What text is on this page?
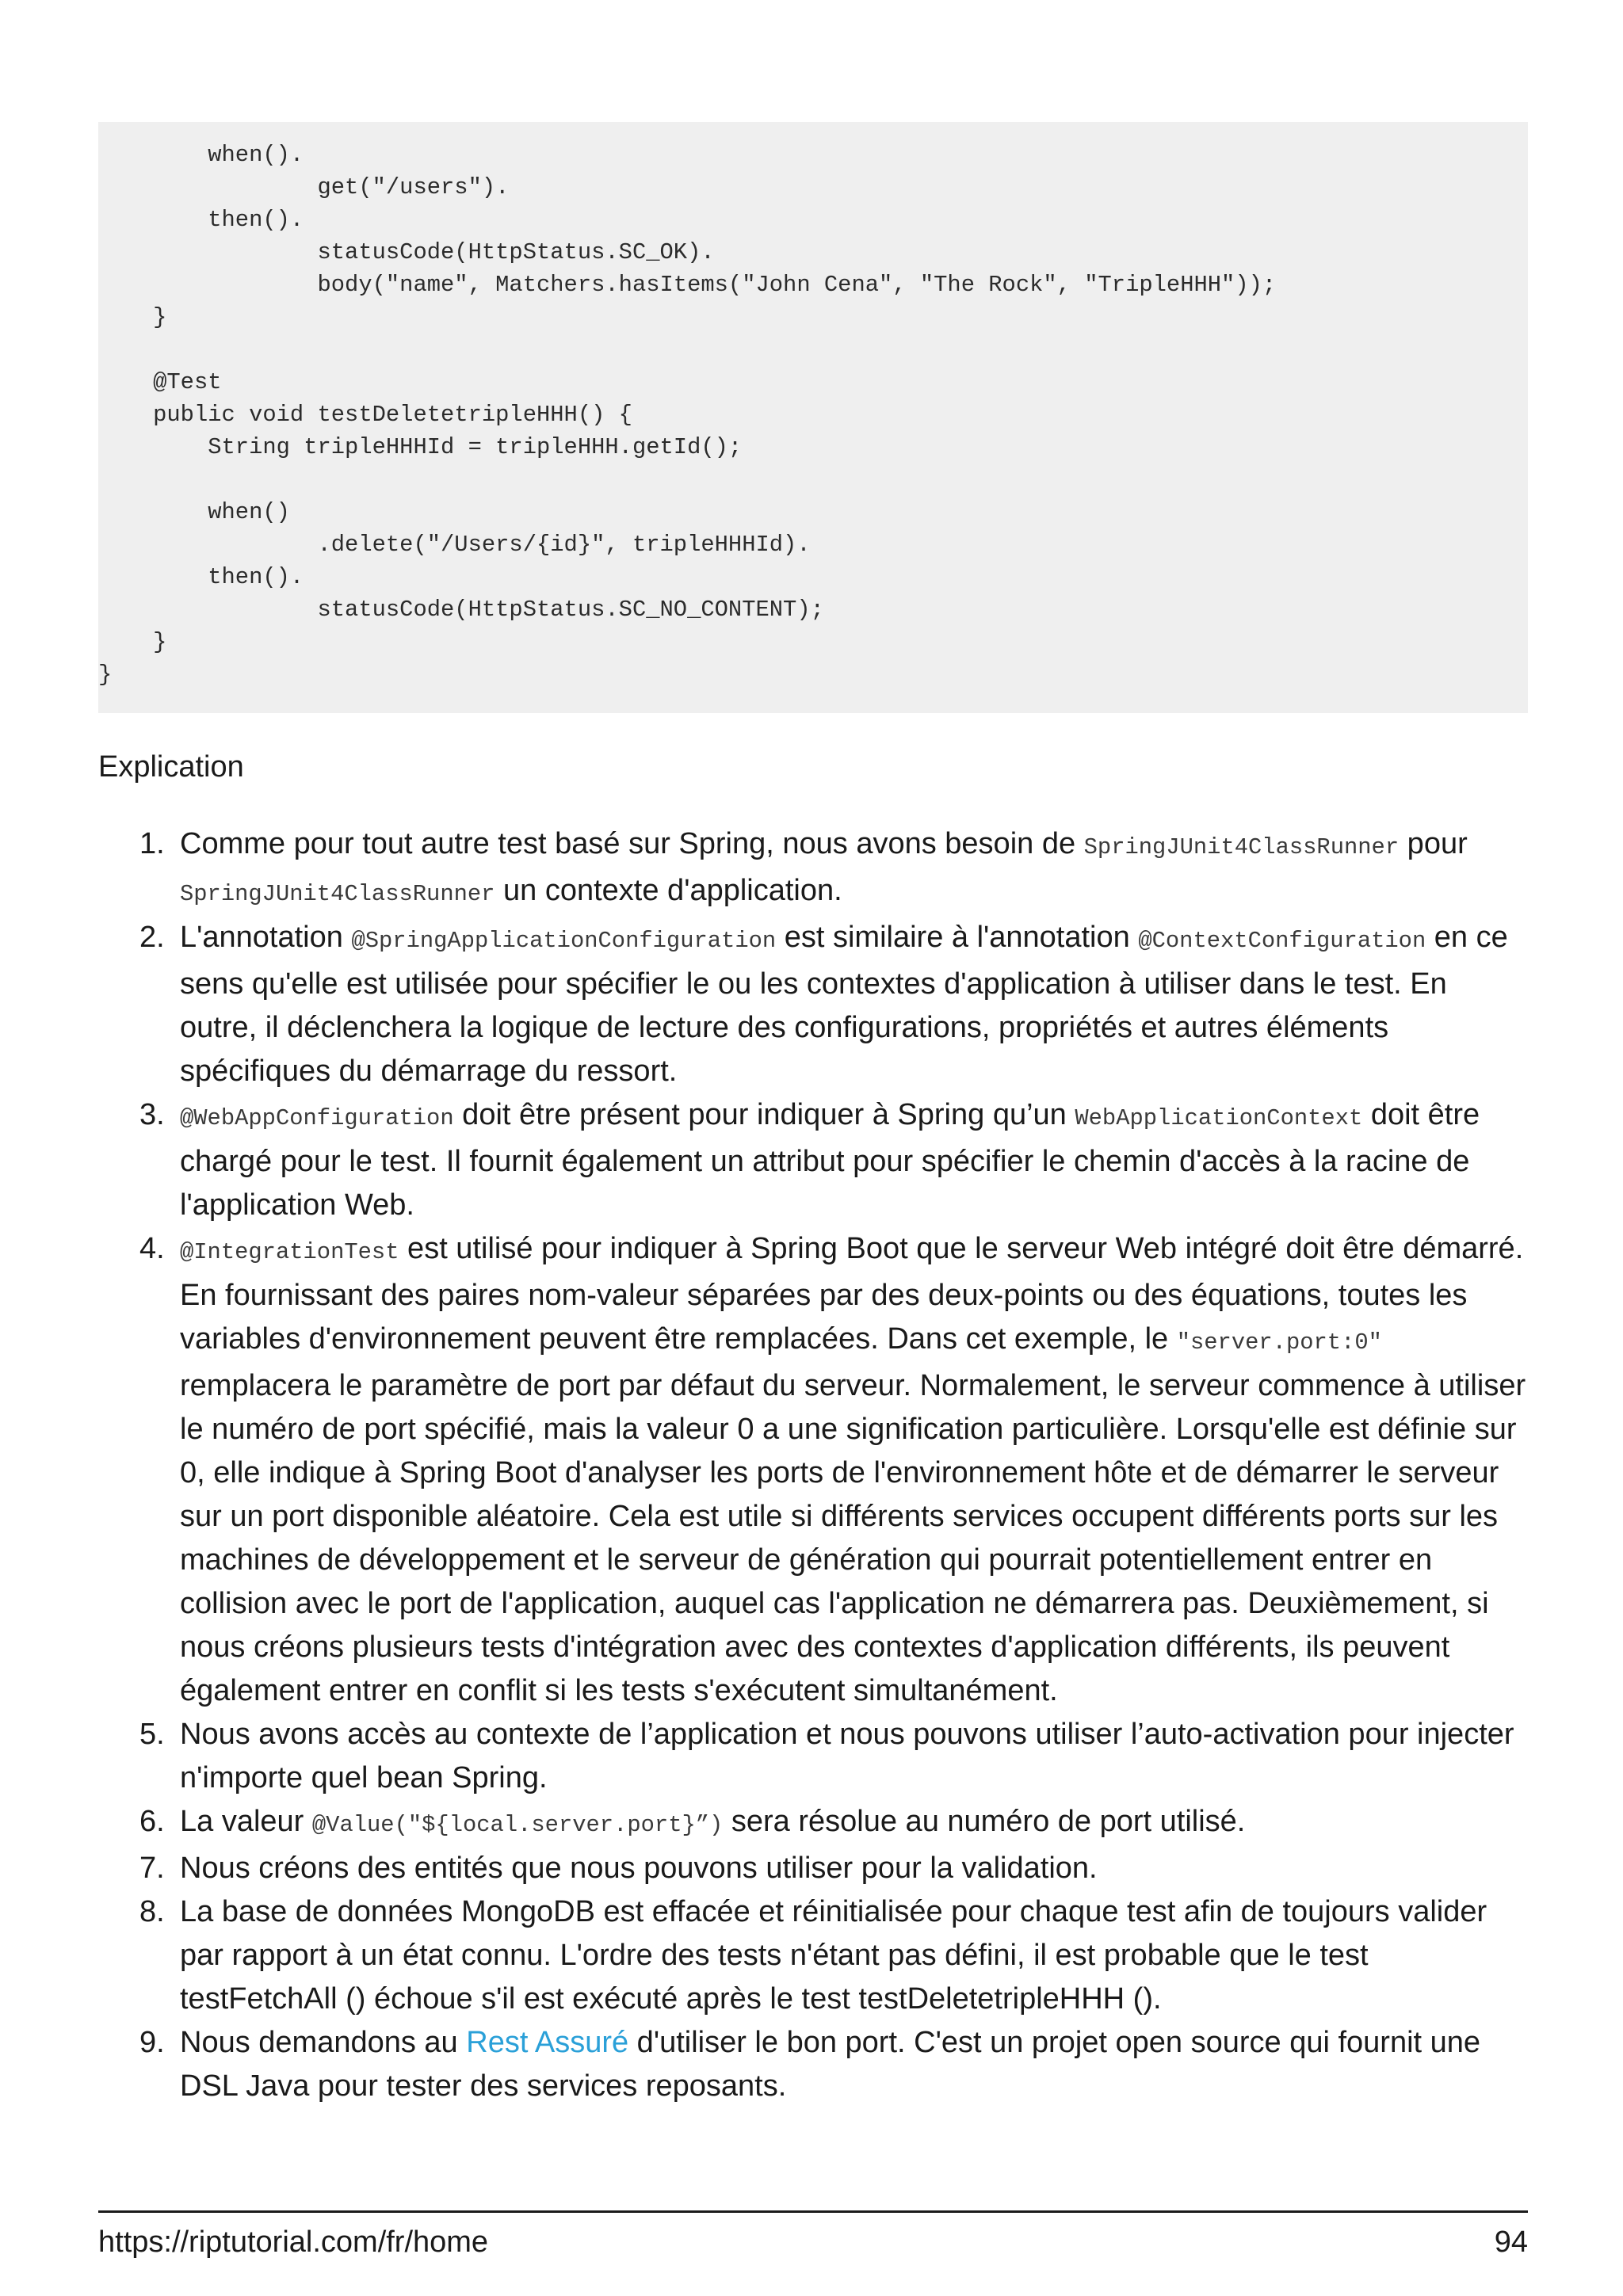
when().
get("/users").
then().
statusCode(HttpStatus.SC_OK).
body("name", Matchers.hasItems("John Cena", "The Rock", "TripleHHH"));
}
@Test
public void testDeletetripleHHH() {
String tripleHHHId = tripleHHH.getId();
when()
.delete("/Users/{id}", tripleHHHId).
then().
statusCode(HttpStatus.SC_NO_CONTENT);
}
}
Explication
1. Comme pour tout autre test basé sur Spring, nous avons besoin de SpringJUnit4ClassRunner pour SpringJUnit4ClassRunner un contexte d'application.
2. L'annotation @SpringApplicationConfiguration est similaire à l'annotation @ContextConfiguration en ce sens qu'elle est utilisée pour spécifier le ou les contextes d'application à utiliser dans le test. En outre, il déclenchera la logique de lecture des configurations, propriétés et autres éléments spécifiques du démarrage du ressort.
3. @WebAppConfiguration doit être présent pour indiquer à Spring qu’un WebApplicationContext doit être chargé pour le test. Il fournit également un attribut pour spécifier le chemin d'accès à la racine de l'application Web.
4. @IntegrationTest est utilisé pour indiquer à Spring Boot que le serveur Web intégré doit être démarré. En fournissant des paires nom-valeur séparées par des deux-points ou des équations, toutes les variables d'environnement peuvent être remplacées. Dans cet exemple, le "server.port:0" remplacera le paramètre de port par défaut du serveur. Normalement, le serveur commence à utiliser le numéro de port spécifié, mais la valeur 0 a une signification particulière. Lorsqu'elle est définie sur 0, elle indique à Spring Boot d'analyser les ports de l'environnement hôte et de démarrer le serveur sur un port disponible aléatoire. Cela est utile si différents services occupent différents ports sur les machines de développement et le serveur de génération qui pourrait potentiellement entrer en collision avec le port de l'application, auquel cas l'application ne démarrera pas. Deuxièmement, si nous créons plusieurs tests d'intégration avec des contextes d'application différents, ils peuvent également entrer en conflit si les tests s'exécutent simultanément.
5. Nous avons accès au contexte de l’application et nous pouvons utiliser l’auto-activation pour injecter n'importe quel bean Spring.
6. La valeur @Value("${local.server.port}”) sera résolue au numéro de port utilisé.
7. Nous créons des entités que nous pouvons utiliser pour la validation.
8. La base de données MongoDB est effacée et réinitialisée pour chaque test afin de toujours valider par rapport à un état connu. L'ordre des tests n'étant pas défini, il est probable que le test testFetchAll () échoue s'il est exécuté après le test testDeletetripleHHH ().
9. Nous demandons au Rest Assuré d'utiliser le bon port. C'est un projet open source qui fournit une DSL Java pour tester des services reposants.
https://riptutorial.com/fr/home	94
